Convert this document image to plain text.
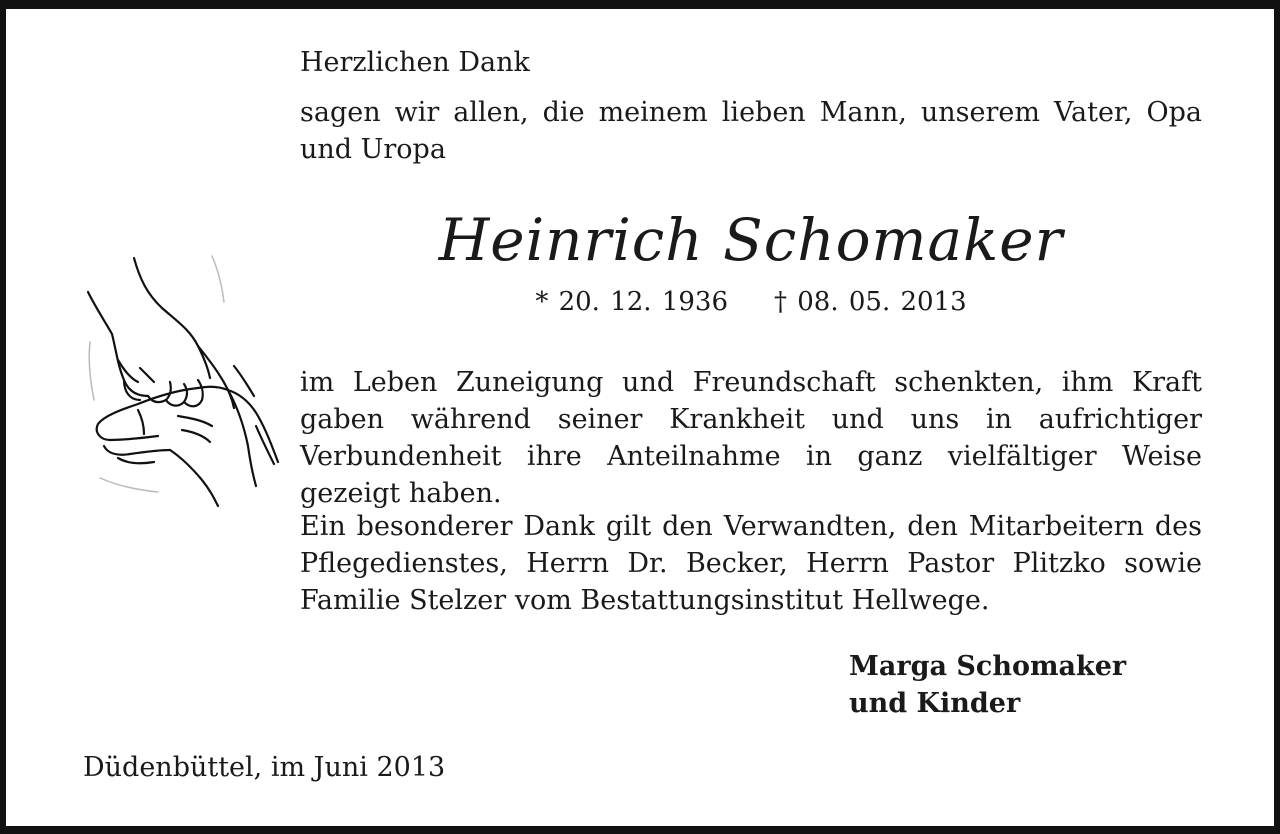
Herzlichen Dank

sagen wir allen, die meinem lieben Mann, unserem Vater, Opa und Uropa

Heinrich Schomaker

* 20. 12. 1936 † 08. 05. 2013

im Leben Zuneigung und Freundschaft schenkten, ihm Kraft gaben während seiner Krankheit und uns in aufrichtiger Verbundenheit ihre Anteilnahme in ganz vielfältiger Weise gezeigt haben.

Ein besonderer Dank gilt den Verwandten, den Mitarbeitern des Pflegedienstes, Herrn Dr. Becker, Herrn Pastor Plitzko sowie Familie Stelzer vom Bestattungsinstitut Hellwege.

Marga Schomaker
und Kinder

Düdenbüttel, im Juni 2013
